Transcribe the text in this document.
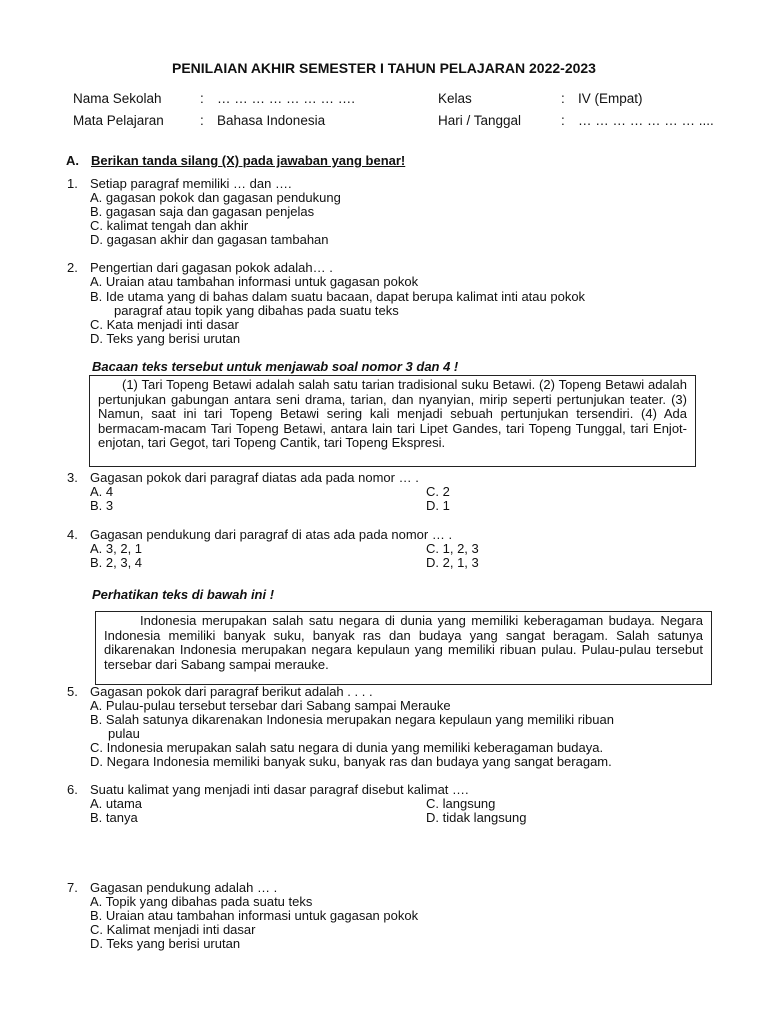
PENILAIAN AKHIR SEMESTER I TAHUN PELAJARAN 2022-2023
Nama Sekolah	: … … … … … … … ….	Kelas	: IV (Empat)
Mata Pelajaran	: Bahasa Indonesia	Hari / Tanggal	: … … … … … … … ....
A. Berikan tanda silang (X) pada jawaban yang benar!
1. Setiap paragraf memiliki … dan ….
A. gagasan pokok dan gagasan pendukung
B. gagasan saja dan gagasan penjelas
C. kalimat tengah dan akhir
D. gagasan akhir dan gagasan tambahan
2. Pengertian dari gagasan pokok adalah… .
A. Uraian atau tambahan informasi untuk gagasan pokok
B. Ide utama yang di bahas dalam suatu bacaan, dapat berupa kalimat inti atau pokok
paragraf atau topik yang dibahas pada suatu teks
C. Kata menjadi inti dasar
D. Teks yang berisi urutan
Bacaan teks tersebut untuk menjawab soal nomor 3 dan 4 !

(1) Tari Topeng Betawi adalah salah satu tarian tradisional suku Betawi. (2) Topeng Betawi adalah pertunjukan gabungan antara seni drama, tarian, dan nyanyian, mirip seperti pertunjukan teater. (3) Namun, saat ini tari Topeng Betawi sering kali menjadi sebuah pertunjukan tersendiri. (4) Ada bermacam-macam Tari Topeng Betawi, antara lain tari Lipet Gandes, tari Topeng Tunggal, tari Enjot-enjotan, tari Gegot, tari Topeng Cantik, tari Topeng Ekspresi.

3. Gagasan pokok dari paragraf diatas ada pada nomor … .
A. 4	C. 2
B. 3	D. 1
4. Gagasan pendukung dari paragraf di atas ada pada nomor … .
A. 3, 2, 1	C. 1, 2, 3
B. 2, 3, 4	D. 2, 1, 3
Perhatikan teks di bawah ini !

Indonesia merupakan salah satu negara di dunia yang memiliki keberagaman budaya. Negara Indonesia memiliki banyak suku, banyak ras dan budaya yang sangat beragam. Salah satunya dikarenakan Indonesia merupakan negara kepulaun yang memiliki ribuan pulau. Pulau-pulau tersebut tersebar dari Sabang sampai merauke.

5. Gagasan pokok dari paragraf berikut adalah . . . .
A. Pulau-pulau tersebut tersebar dari Sabang sampai Merauke
B. Salah satunya dikarenakan Indonesia merupakan negara kepulaun yang memiliki ribuan
pulau
C. Indonesia merupakan salah satu negara di dunia yang memiliki keberagaman budaya.
D. Negara Indonesia memiliki banyak suku, banyak ras dan budaya yang sangat beragam.
6. Suatu kalimat yang menjadi inti dasar paragraf disebut kalimat ….
A. utama	C. langsung
B. tanya	D. tidak langsung
7. Gagasan pendukung adalah … .
A. Topik yang dibahas pada suatu teks
B. Uraian atau tambahan informasi untuk gagasan pokok
C. Kalimat menjadi inti dasar
D. Teks yang berisi urutan
